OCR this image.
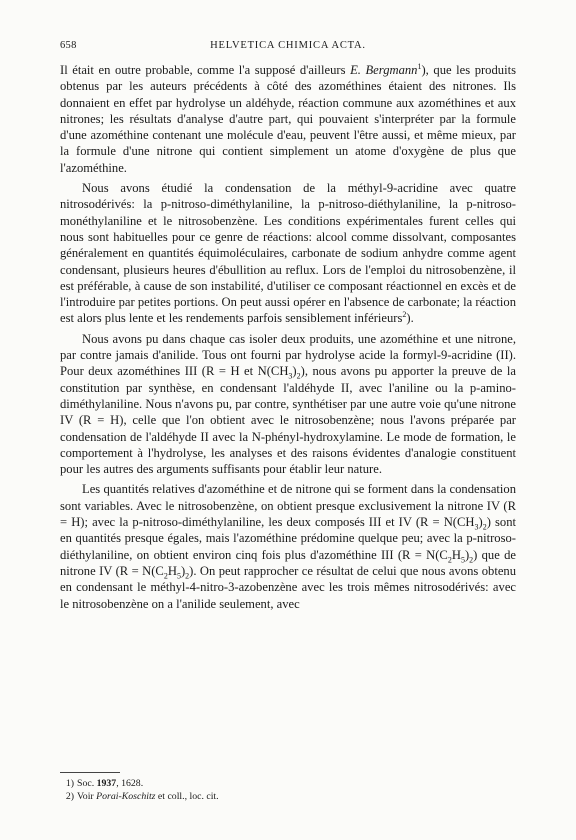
658	HELVETICA CHIMICA ACTA.

Il était en outre probable, comme l'a supposé d'ailleurs E. Bergmann$^1$), que les produits obtenus par les auteurs précédents à côté des azométhines étaient des nitrones. Ils donnaient en effet par hydrolyse un aldéhyde, réaction commune aux azométhines et aux nitrones; les résultats d'analyse d'autre part, qui pouvaient s'interpréter par la formule d'une azométhine contenant une molécule d'eau, peuvent l'être aussi, et même mieux, par la formule d'une nitrone qui contient simplement un atome d'oxygène de plus que l'azométhine.

Nous avons étudié la condensation de la méthyl-9-acridine avec quatre nitrosodérivés: la p-nitroso-diméthylaniline, la p-nitroso-diéthylaniline, la p-nitroso-monéthylaniline et le nitrosobenzène. Les conditions expérimentales furent celles qui nous sont habituelles pour ce genre de réactions: alcool comme dissolvant, composantes généralement en quantités équimoléculaires, carbonate de sodium anhydre comme agent condensant, plusieurs heures d'ébullition au reflux. Lors de l'emploi du nitrosobenzène, il est préférable, à cause de son instabilité, d'utiliser ce composant réactionnel en excès et de l'introduire par petites portions. On peut aussi opérer en l'absence de carbonate; la réaction est alors plus lente et les rendements parfois sensiblement inférieurs$^2$).

Nous avons pu dans chaque cas isoler deux produits, une azométhine et une nitrone, par contre jamais d'anilide. Tous ont fourni par hydrolyse acide la formyl-9-acridine (II). Pour deux azométhines III (R = H et $N(CH_3)_2$), nous avons pu apporter la preuve de la constitution par synthèse, en condensant l'aldéhyde II, avec l'aniline ou la p-amino-diméthylaniline. Nous n'avons pu, par contre, synthétiser par une autre voie qu'une nitrone IV (R = H), celle que l'on obtient avec le nitrosobenzène; nous l'avons préparée par condensation de l'aldéhyde II avec la N-phényl-hydroxylamine. Le mode de formation, le comportement à l'hydrolyse, les analyses et des raisons évidentes d'analogie constituent pour les autres des arguments suffisants pour établir leur nature.

Les quantités relatives d'azométhine et de nitrone qui se forment dans la condensation sont variables. Avec le nitrosobenzène, on obtient presque exclusivement la nitrone IV (R = H); avec la p-nitroso-diméthylaniline, les deux composés III et IV $(R = N(CH_3)_2)$ sont en quantités presque égales, mais l'azométhine prédomine quelque peu; avec la p-nitroso-diéthylaniline, on obtient environ cinq fois plus d'azométhine III $(R = N(C_2H_5)_2)$ que de nitrone IV $(R = N(C_2H_5)_2)$. On peut rapprocher ce résultat de celui que nous avons obtenu en condensant le méthyl-4-nitro-3-azobenzène avec les trois mêmes nitrosodérivés: avec le nitrosobenzène on a l'anilide seulement, avec

1) Soc. 1937, 1628.
2) Voir Porai-Koschitz et coll., loc. cit.
